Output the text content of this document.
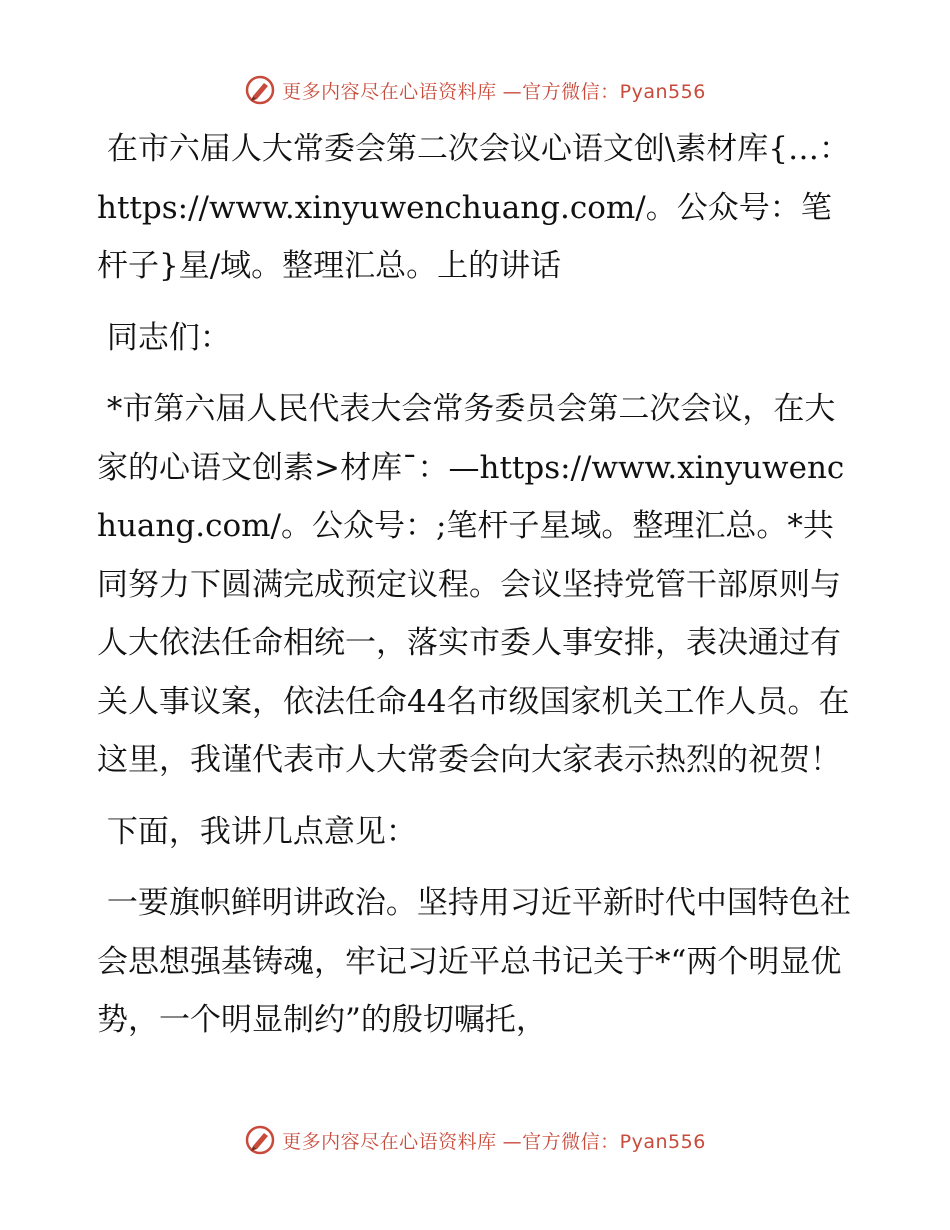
更多内容尽在心语资料库 —官方微信：Pyan556

在市六届人大常委会第二次会议心语文创\素材库{…：https://www.xinyuwenchuang.com/。公众号：笔杆子}星/域。整理汇总。上的讲话

同志们：

*市第六届人民代表大会常务委员会第二次会议，在大家的心语文创素>材库¯：—https://www.xinyuwenchuang.com/。公众号：;笔杆子星域。整理汇总。*共同努力下圆满完成预定议程。会议坚持党管干部原则与人大依法任命相统一，落实市委人事安排，表决通过有关人事议案，依法任命44名市级国家机关工作人员。在这里，我谨代表市人大常委会向大家表示热烈的祝贺！

下面，我讲几点意见：

一要旗帜鲜明讲政治。坚持用习近平新时代中国特色社会思想强基铸魂，牢记习近平总书记关于*“两个明显优势，一个明显制约”的殷切嘱托，

更多内容尽在心语资料库 —官方微信：Pyan556
